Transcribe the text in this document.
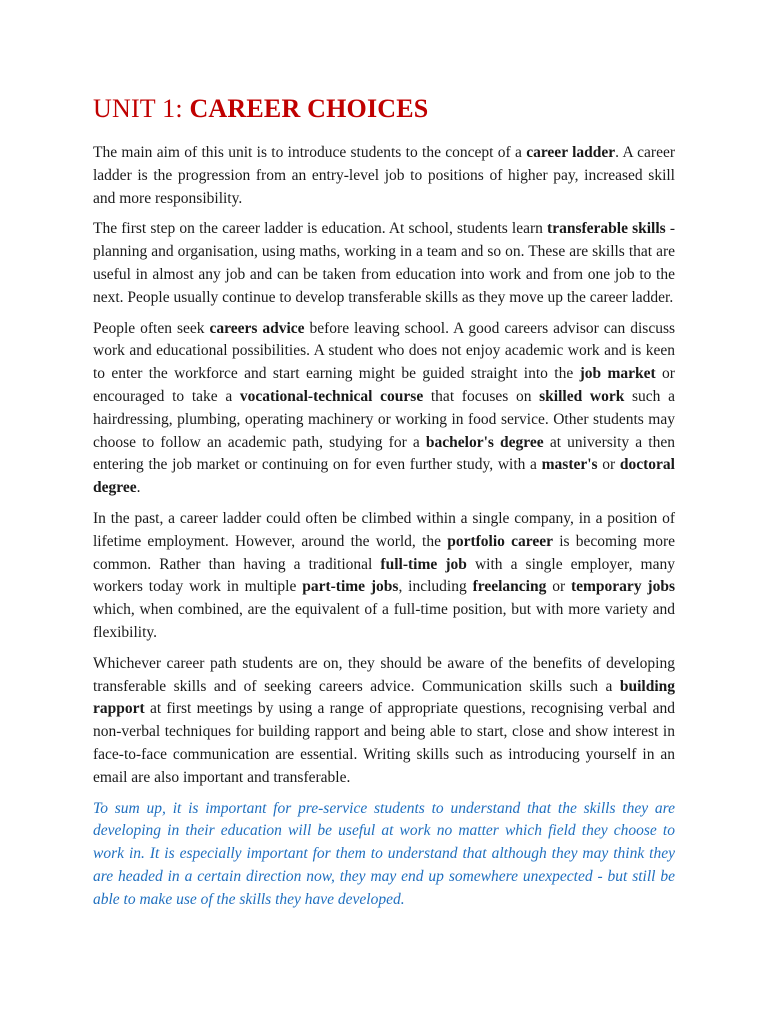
UNIT 1: CAREER CHOICES

The main aim of this unit is to introduce students to the concept of a career ladder. A career ladder is the progression from an entry-level job to positions of higher pay, increased skill and more responsibility.

The first step on the career ladder is education. At school, students learn transferable skills - planning and organisation, using maths, working in a team and so on. These are skills that are useful in almost any job and can be taken from education into work and from one job to the next. People usually continue to develop transferable skills as they move up the career ladder.

People often seek careers advice before leaving school. A good careers advisor can discuss work and educational possibilities. A student who does not enjoy academic work and is keen to enter the workforce and start earning might be guided straight into the job market or encouraged to take a vocational-technical course that focuses on skilled work such a hairdressing, plumbing, operating machinery or working in food service. Other students may choose to follow an academic path, studying for a bachelor's degree at university a then entering the job market or continuing on for even further study, with a master's or doctoral degree.

In the past, a career ladder could often be climbed within a single company, in a position of lifetime employment. However, around the world, the portfolio career is becoming more common. Rather than having a traditional full-time job with a single employer, many workers today work in multiple part-time jobs, including freelancing or temporary jobs which, when combined, are the equivalent of a full-time position, but with more variety and flexibility.

Whichever career path students are on, they should be aware of the benefits of developing transferable skills and of seeking careers advice. Communication skills such a building rapport at first meetings by using a range of appropriate questions, recognising verbal and non-verbal techniques for building rapport and being able to start, close and show interest in face-to-face communication are essential. Writing skills such as introducing yourself in an email are also important and transferable.

To sum up, it is important for pre-service students to understand that the skills they are developing in their education will be useful at work no matter which field they choose to work in. It is especially important for them to understand that although they may think they are headed in a certain direction now, they may end up somewhere unexpected - but still be able to make use of the skills they have developed.
